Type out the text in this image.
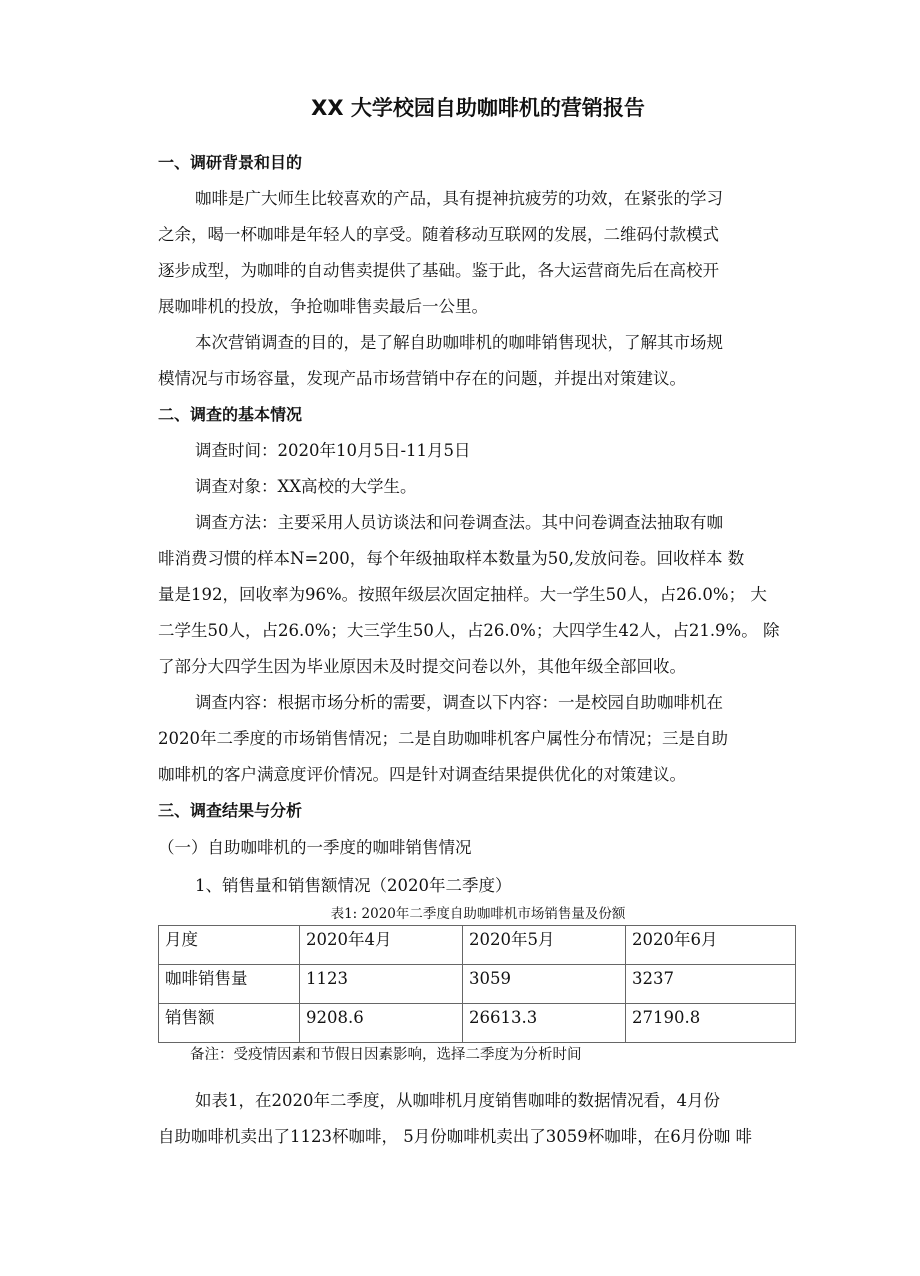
XX 大学校园自助咖啡机的营销报告
一、调研背景和目的
咖啡是广大师生比较喜欢的产品，具有提神抗疲劳的功效，在紧张的学习
之余，喝一杯咖啡是年轻人的享受。随着移动互联网的发展，二维码付款模式
逐步成型，为咖啡的自动售卖提供了基础。鉴于此，各大运营商先后在高校开
展咖啡机的投放，争抢咖啡售卖最后一公里。
本次营销调查的目的，是了解自助咖啡机的咖啡销售现状，了解其市场规
模情况与市场容量，发现产品市场营销中存在的问题，并提出对策建议。
二、调查的基本情况
调查时间：2020年10月5日-11月5日
调查对象：XX高校的大学生。
调查方法：主要采用人员访谈法和问卷调查法。其中问卷调查法抽取有咖
啡消费习惯的样本N=200，每个年级抽取样本数量为50,发放问卷。回收样本 数
量是192，回收率为96%。按照年级层次固定抽样。大一学生50人，占26.0%； 大
二学生50人，占26.0%；大三学生50人，占26.0%；大四学生42人，占21.9%。 除
了部分大四学生因为毕业原因未及时提交问卷以外，其他年级全部回收。
调查内容：根据市场分析的需要，调查以下内容：一是校园自助咖啡机在
2020年二季度的市场销售情况；二是自助咖啡机客户属性分布情况；三是自助
咖啡机的客户满意度评价情况。四是针对调查结果提供优化的对策建议。
三、调查结果与分析
（一）自助咖啡机的一季度的咖啡销售情况
1、销售量和销售额情况（2020年二季度）
表1: 2020年二季度自助咖啡机市场销售量及份额
月度	2020年4月	2020年5月	2020年6月
咖啡销售量	1123	3059	3237
销售额	9208.6	26613.3	27190.8
备注：受疫情因素和节假日因素影响，选择二季度为分析时间
如表1，在2020年二季度，从咖啡机月度销售咖啡的数据情况看，4月份
自助咖啡机卖出了1123杯咖啡， 5月份咖啡机卖出了3059杯咖啡，在6月份咖 啡
